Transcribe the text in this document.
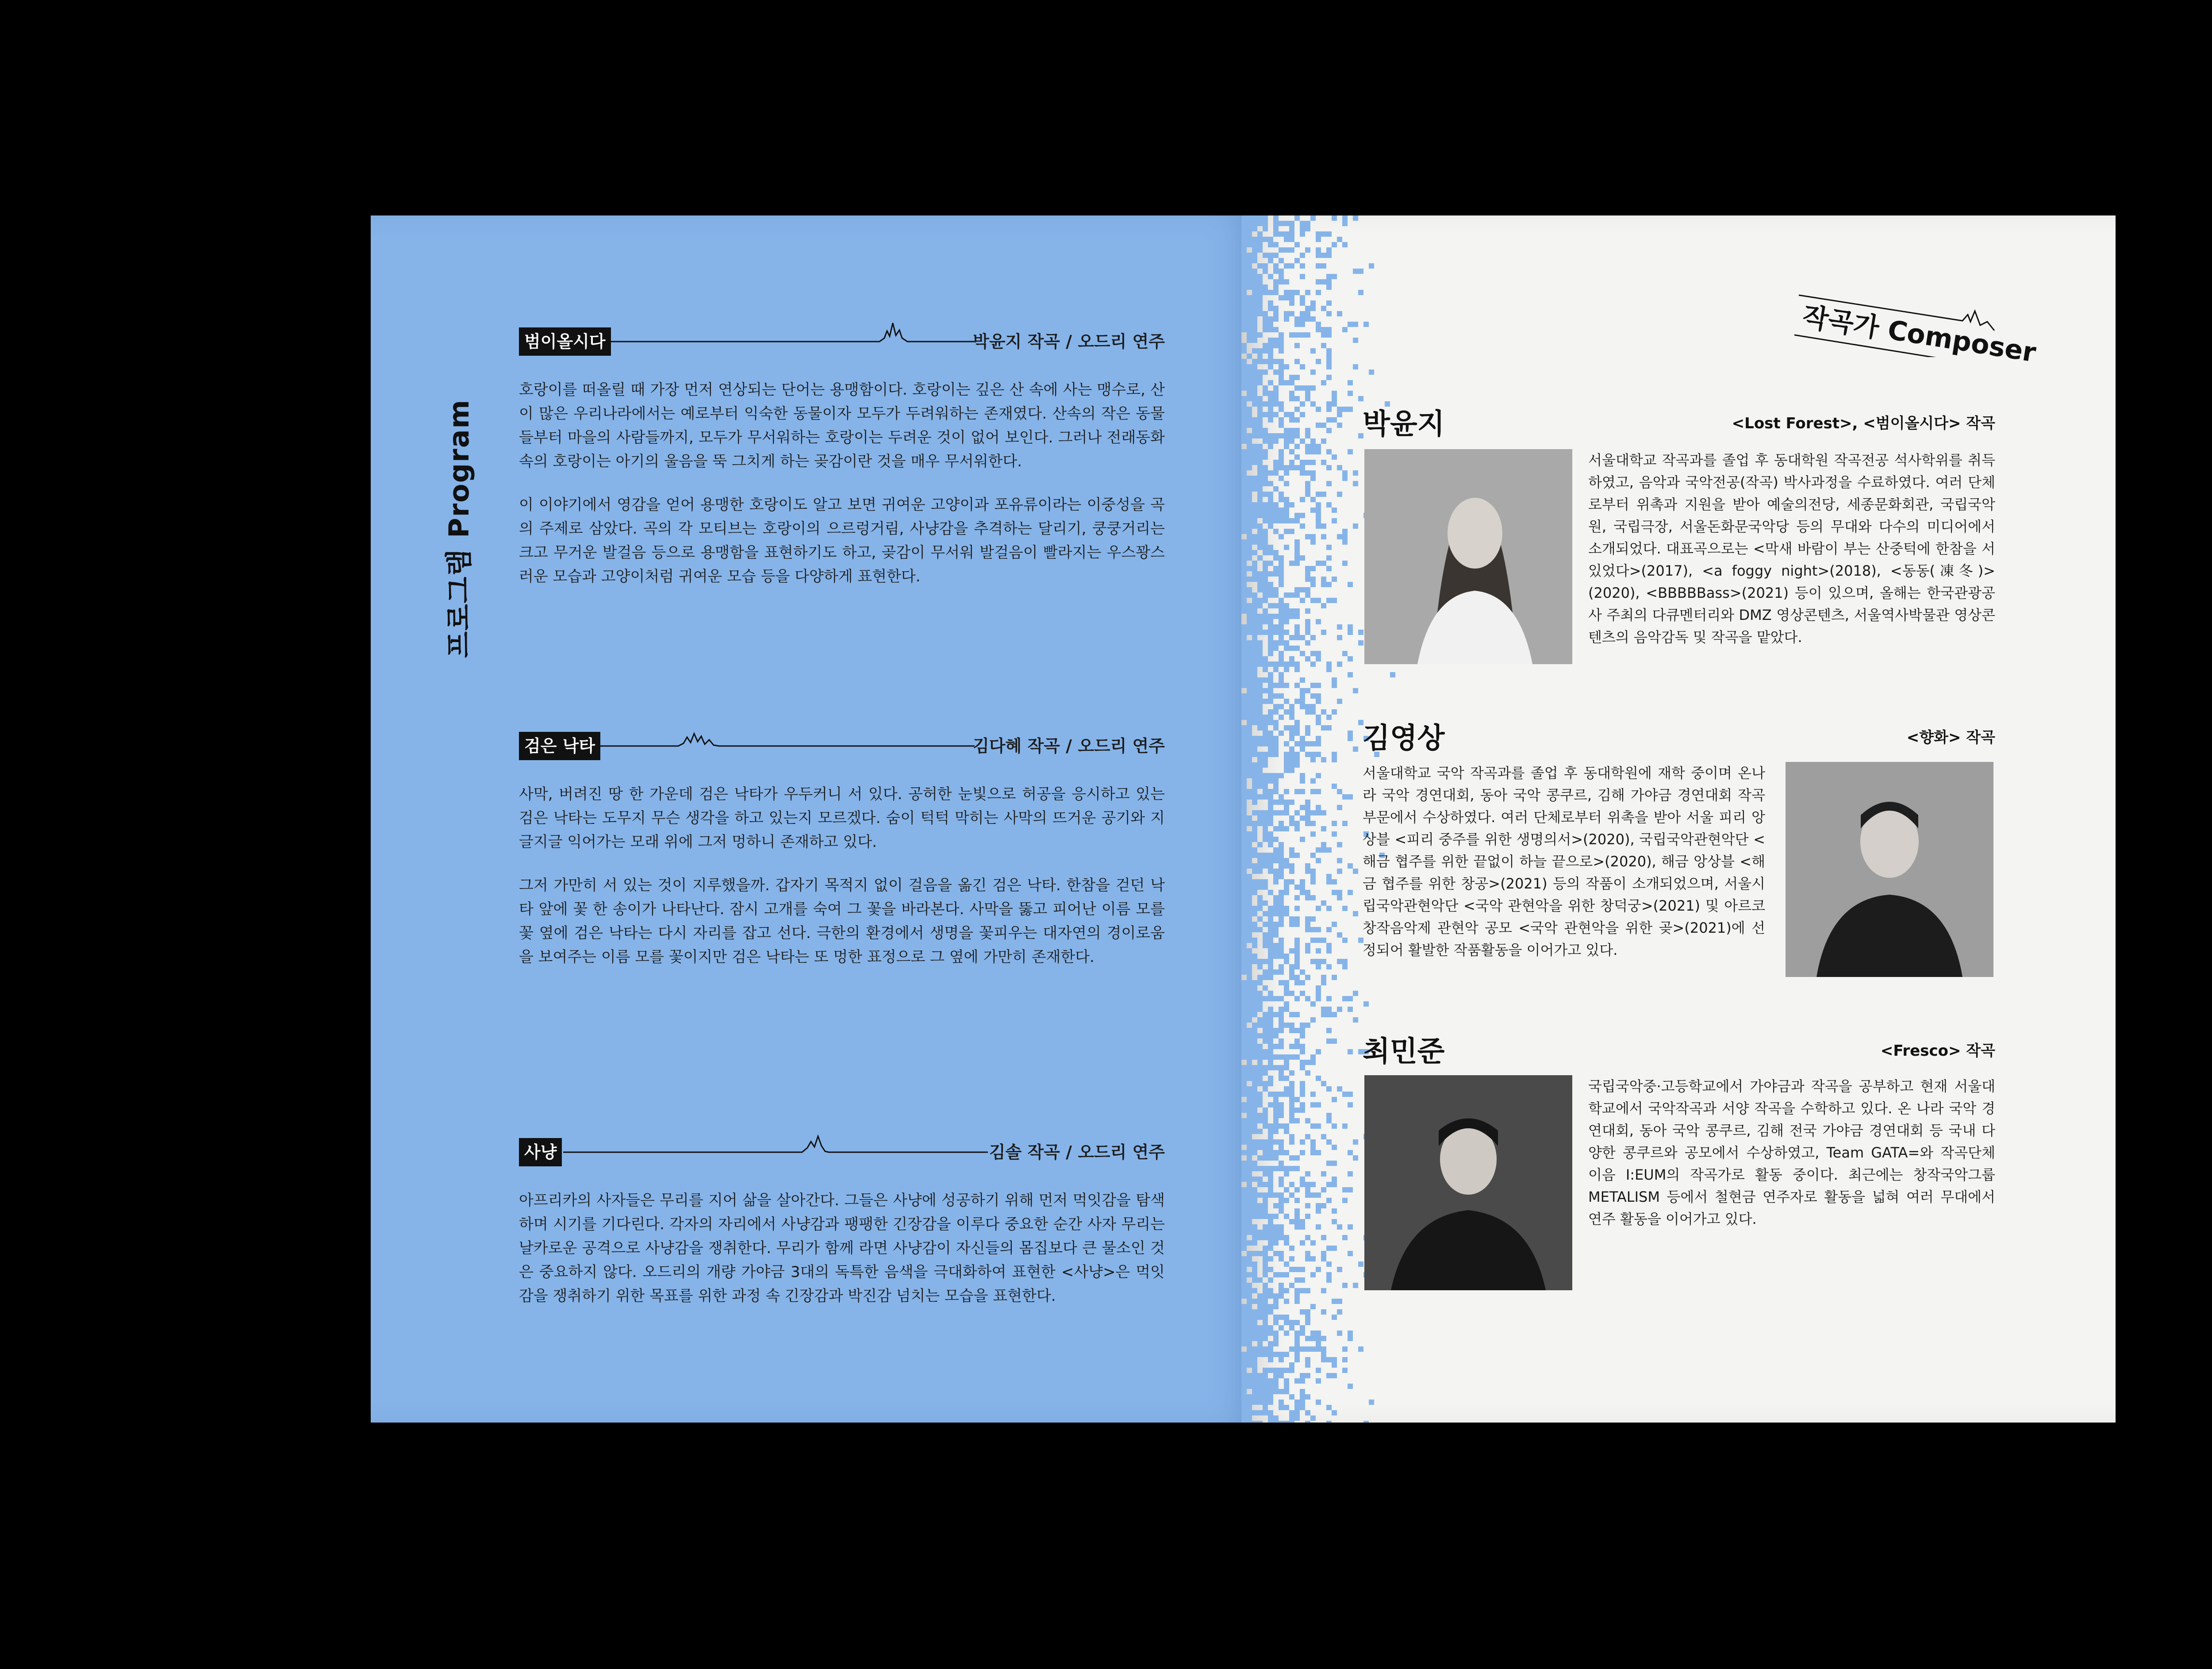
프로그램 Program
범이올시다	박윤지 작곡 / 오드리 연주

호랑이를 떠올릴 때 가장 먼저 연상되는 단어는 용맹함이다. 호랑이는 깊은 산 속에 사는 맹수로, 산이 많은 우리나라에서는 예로부터 익숙한 동물이자 모두가 두려워하는 존재였다. 산속의 작은 동물들부터 마을의 사람들까지, 모두가 무서워하는 호랑이는 두려운 것이 없어 보인다. 그러나 전래동화 속의 호랑이는 아기의 울음을 뚝 그치게 하는 곶감이란 것을 매우 무서워한다.

이 이야기에서 영감을 얻어 용맹한 호랑이도 알고 보면 귀여운 고양이과 포유류이라는 이중성을 곡의 주제로 삼았다. 곡의 각 모티브는 호랑이의 으르렁거림, 사냥감을 추격하는 달리기, 쿵쿵거리는 크고 무거운 발걸음 등으로 용맹함을 표현하기도 하고, 곶감이 무서워 발걸음이 빨라지는 우스꽝스러운 모습과 고양이처럼 귀여운 모습 등을 다양하게 표현한다.

검은 낙타	김다혜 작곡 / 오드리 연주

사막, 버려진 땅 한 가운데 검은 낙타가 우두커니 서 있다. 공허한 눈빛으로 허공을 응시하고 있는 검은 낙타는 도무지 무슨 생각을 하고 있는지 모르겠다. 숨이 턱턱 막히는 사막의 뜨거운 공기와 지글지글 익어가는 모래 위에 그저 멍하니 존재하고 있다.

그저 가만히 서 있는 것이 지루했을까. 갑자기 목적지 없이 걸음을 옮긴 검은 낙타. 한참을 걷던 낙타 앞에 꽃 한 송이가 나타난다. 잠시 고개를 숙여 그 꽃을 바라본다. 사막을 뚫고 피어난 이름 모를 꽃 옆에 검은 낙타는 다시 자리를 잡고 선다. 극한의 환경에서 생명을 꽃피우는 대자연의 경이로움을 보여주는 이름 모를 꽃이지만 검은 낙타는 또 멍한 표정으로 그 옆에 가만히 존재한다.

사냥	김솔 작곡 / 오드리 연주

아프리카의 사자들은 무리를 지어 삶을 살아간다. 그들은 사냥에 성공하기 위해 먼저 먹잇감을 탐색하며 시기를 기다린다. 각자의 자리에서 사냥감과 팽팽한 긴장감을 이루다 중요한 순간 사자 무리는 날카로운 공격으로 사냥감을 쟁취한다. 무리가 함께 라면 사냥감이 자신들의 몸집보다 큰 물소인 것은 중요하지 않다. 오드리의 개량 가야금 3대의 독특한 음색을 극대화하여 표현한 <사냥>은 먹잇감을 쟁취하기 위한 목표를 위한 과정 속 긴장감과 박진감 넘치는 모습을 표현한다.

작곡가 Composer
박윤지	<Lost Forest>, <범이올시다> 작곡
서울대학교 작곡과를 졸업 후 동대학원 작곡전공 석사학위를 취득하였고, 음악과 국악전공(작곡) 박사과정을 수료하였다. 여러 단체로부터 위촉과 지원을 받아 예술의전당, 세종문화회관, 국립국악원, 국립극장, 서울돈화문국악당 등의 무대와 다수의 미디어에서 소개되었다. 대표곡으로는 <막새 바람이 부는 산중턱에 한참을 서 있었다>(2017), <a foggy night>(2018), <동동(凍冬)>(2020), <BBBBBass>(2021) 등이 있으며, 올해는 한국관광공사 주최의 다큐멘터리와 DMZ 영상콘텐츠, 서울역사박물관 영상콘텐츠의 음악감독 및 작곡을 맡았다.
김영상	<향화> 작곡
서울대학교 국악 작곡과를 졸업 후 동대학원에 재학 중이며 온나라 국악 경연대회, 동아 국악 콩쿠르, 김해 가야금 경연대회 작곡 부문에서 수상하였다. 여러 단체로부터 위촉을 받아 서울 피리 앙상블 <피리 중주를 위한 생명의서>(2020), 국립국악관현악단 <해금 협주를 위한 끝없이 하늘 끝으로>(2020), 해금 앙상블 <해금 협주를 위한 창공>(2021) 등의 작품이 소개되었으며, 서울시립국악관현악단 <국악 관현악을 위한 창덕궁>(2021) 및 아르코 창작음악제 관현악 공모 <국악 관현악을 위한 곶>(2021)에 선정되어 활발한 작품활동을 이어가고 있다.
최민준	<Fresco> 작곡
국립국악중·고등학교에서 가야금과 작곡을 공부하고 현재 서울대학교에서 국악작곡과 서양 작곡을 수학하고 있다. 온 나라 국악 경연대회, 동아 국악 콩쿠르, 김해 전국 가야금 경연대회 등 국내 다양한 콩쿠르와 공모에서 수상하였고, Team GATA=와 작곡단체 이음 I:EUM의 작곡가로 활동 중이다. 최근에는 창작국악그룹 METALISM 등에서 철현금 연주자로 활동을 넓혀 여러 무대에서 연주 활동을 이어가고 있다.
